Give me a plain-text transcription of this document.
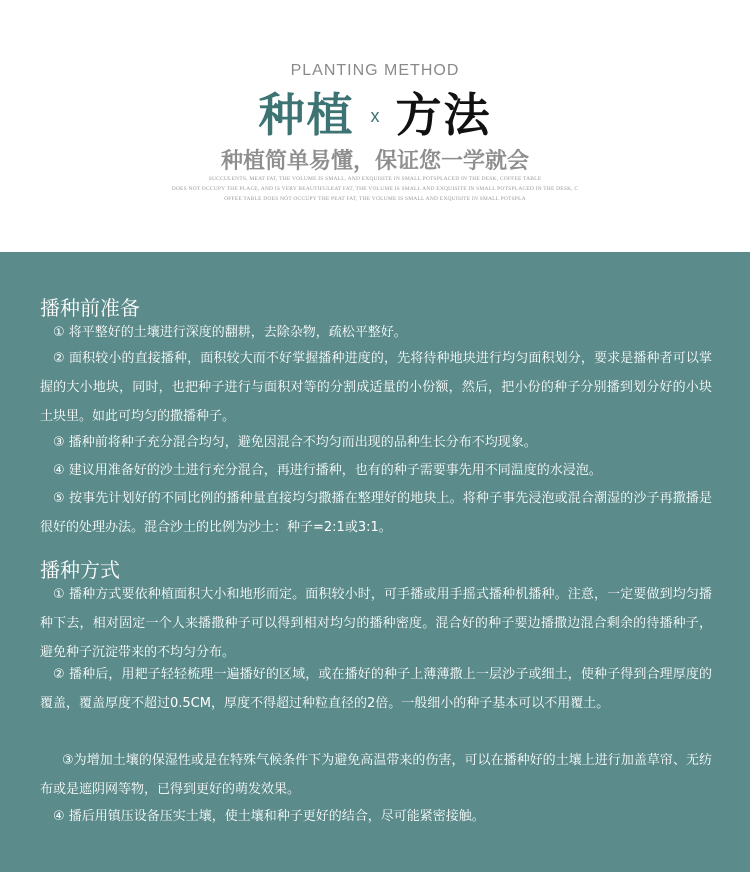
PLANTING METHOD
种植 x 方法
种植简单易懂，保证您一学就会
SUCCULENTS, MEAT FAT, THE VOLUME IS SMALL, AND EXQUISITE IN SMALL POTSPLACED IN THE DESK, COFFEE TABLE
DOES NOT OCCUPY THE PLACE, AND IS VERY BEAUTIFULEAT FAT, THE VOLUME IS SMALL AND EXQUISITE IN SMALL POTSPLACED IN THE DESK, C
OFFEE TABLE DOES NOT OCCUPY THE PEAT FAT, THE VOLUME IS SMALL AND EXQUISITE IN SMALL POTSPLA
播种前准备
① 将平整好的土壤进行深度的翻耕，去除杂物，疏松平整好。
② 面积较小的直接播种，面积较大而不好掌握播种进度的，先将待种地块进行均匀面积划分，要求是播种者可以掌握的大小地块，同时，也把种子进行与面积对等的分割成适量的小份额，然后，把小份的种子分别播到划分好的小块土块里。如此可均匀的撒播种子。
③ 播种前将种子充分混合均匀，避免因混合不均匀而出现的品种生长分布不均现象。
④ 建议用准备好的沙土进行充分混合，再进行播种，也有的种子需要事先用不同温度的水浸泡。
⑤ 按事先计划好的不同比例的播种量直接均匀撒播在整理好的地块上。将种子事先浸泡或混合潮湿的沙子再撒播是很好的处理办法。混合沙土的比例为沙土：种子=2:1或3:1。
播种方式
① 播种方式要依种植面积大小和地形而定。面积较小时，可手播或用手摇式播种机播种。注意，一定要做到均匀播种下去，相对固定一个人来播撒种子可以得到相对均匀的播种密度。混合好的种子要边播撒边混合剩余的待播种子，避免种子沉淀带来的不均匀分布。
② 播种后，用耙子轻轻梳理一遍播好的区域，或在播好的种子上薄薄撒上一层沙子或细土，使种子得到合理厚度的覆盖，覆盖厚度不超过0.5CM，厚度不得超过种粒直径的2倍。一般细小的种子基本可以不用覆土。
③为增加土壤的保湿性或是在特殊气候条件下为避免高温带来的伤害，可以在播种好的土壤上进行加盖草帘、无纺布或是遮阴网等物，已得到更好的萌发效果。
④ 播后用镇压设备压实土壤，使土壤和种子更好的结合，尽可能紧密接触。
